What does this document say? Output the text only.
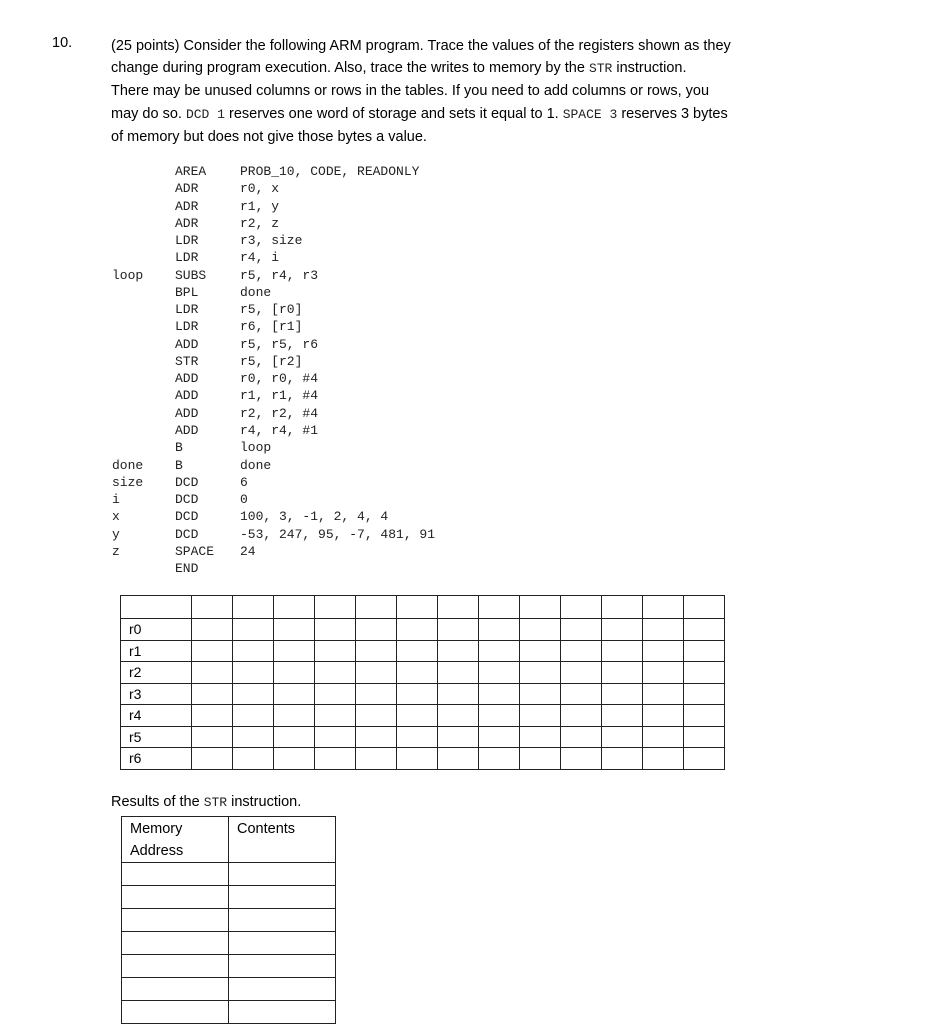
10.	(25 points) Consider the following ARM program. Trace the values of the registers shown as they
change during program execution. Also, trace the writes to memory by the STR instruction.
There may be unused columns or rows in the tables. If you need to add columns or rows, you
may do so. DCD 1 reserves one word of storage and sets it equal to 1. SPACE 3 reserves 3 bytes
of memory but does not give those bytes a value.
AREA	PROB_10, CODE, READONLY
ADR	r0, x
ADR	r1, y
ADR	r2, z
LDR	r3, size
LDR	r4, i
loop	SUBS	r5, r4, r3
BPL	done
LDR	r5, [r0]
LDR	r6, [r1]
ADD	r5, r5, r6
STR	r5, [r2]
ADD	r0, r0, #4
ADD	r1, r1, #4
ADD	r2, r2, #4
ADD	r4, r4, #1
B	loop
done	B	done
size	DCD	6
i	DCD	0
x	DCD	100, 3, -1, 2, 4, 4
y	DCD	-53, 247, 95, -7, 481, 91
z	SPACE	24
END

r0													
r1													
r2													
r3													
r4													
r5													
r6													
Results of the STR instruction.
Memory
Address	Contents
